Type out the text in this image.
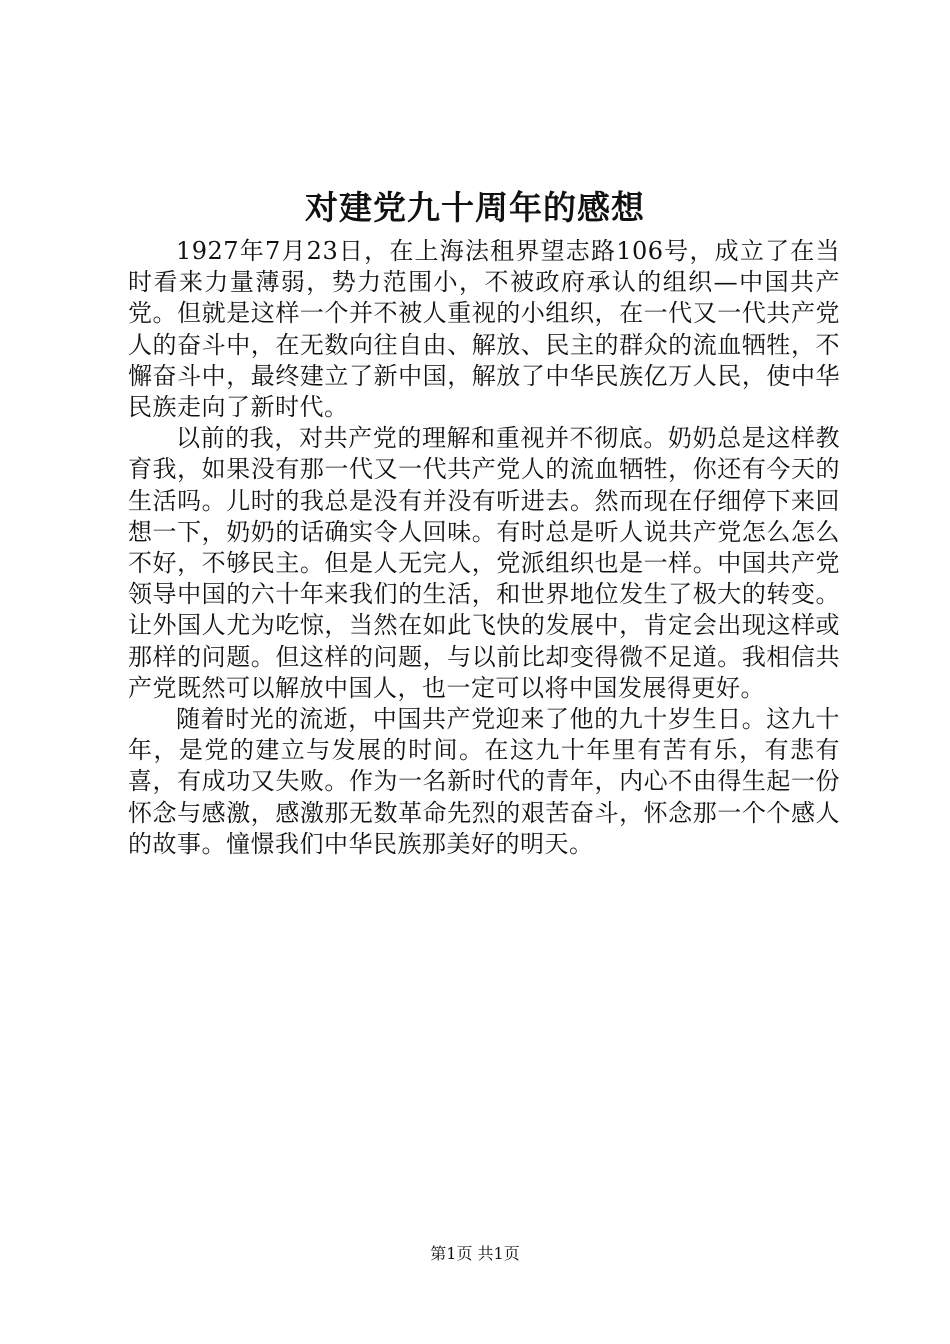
对建党九十周年的感想

1927年7月23日，在上海法租界望志路106号，成立了在当时看来力量薄弱，势力范围小，不被政府承认的组织—中国共产党。但就是这样一个并不被人重视的小组织，在一代又一代共产党人的奋斗中，在无数向往自由、解放、民主的群众的流血牺牲，不懈奋斗中，最终建立了新中国，解放了中华民族亿万人民，使中华民族走向了新时代。

以前的我，对共产党的理解和重视并不彻底。奶奶总是这样教育我，如果没有那一代又一代共产党人的流血牺牲，你还有今天的生活吗。儿时的我总是没有并没有听进去。然而现在仔细停下来回想一下，奶奶的话确实令人回味。有时总是听人说共产党怎么怎么不好，不够民主。但是人无完人，党派组织也是一样。中国共产党领导中国的六十年来我们的生活，和世界地位发生了极大的转变。让外国人尤为吃惊，当然在如此飞快的发展中，肯定会出现这样或那样的问题。但这样的问题，与以前比却变得微不足道。我相信共产党既然可以解放中国人，也一定可以将中国发展得更好。

随着时光的流逝，中国共产党迎来了他的九十岁生日。这九十年，是党的建立与发展的时间。在这九十年里有苦有乐，有悲有喜，有成功又失败。作为一名新时代的青年，内心不由得生起一份怀念与感激，感激那无数革命先烈的艰苦奋斗，怀念那一个个感人的故事。憧憬我们中华民族那美好的明天。

第1页 共1页
